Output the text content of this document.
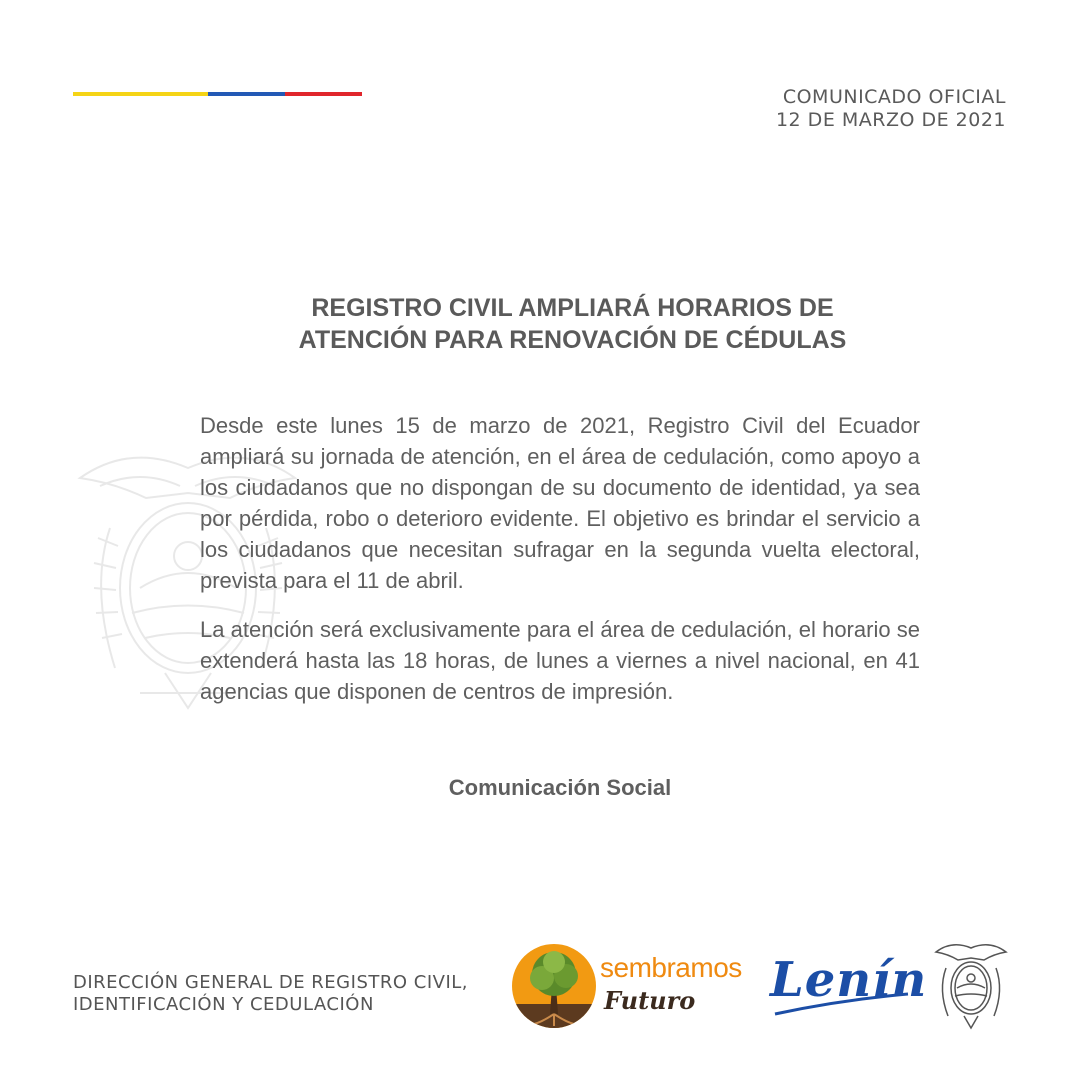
COMUNICADO OFICIAL
12 DE MARZO DE 2021
REGISTRO CIVIL AMPLIARÁ HORARIOS DE
ATENCIÓN PARA RENOVACIÓN DE CÉDULAS

Desde este lunes 15 de marzo de 2021, Registro Civil del Ecuador ampliará su jornada de atención, en el área de cedulación, como apoyo a los ciudadanos que no dispongan de su documento de identidad, ya sea por pérdida, robo o deterioro evidente. El objetivo es brindar el servicio a los ciudadanos que necesitan sufragar en la segunda vuelta electoral, prevista para el 11 de abril.

La atención será exclusivamente para el área de cedulación, el horario se extenderá hasta las 18 horas, de lunes a viernes a nivel nacional, en 41 agencias que disponen de centros de impresión.

Comunicación Social
DIRECCIÓN GENERAL DE REGISTRO CIVIL,
IDENTIFICACIÓN Y CEDULACIÓN
sembramos
Futuro Lenín
